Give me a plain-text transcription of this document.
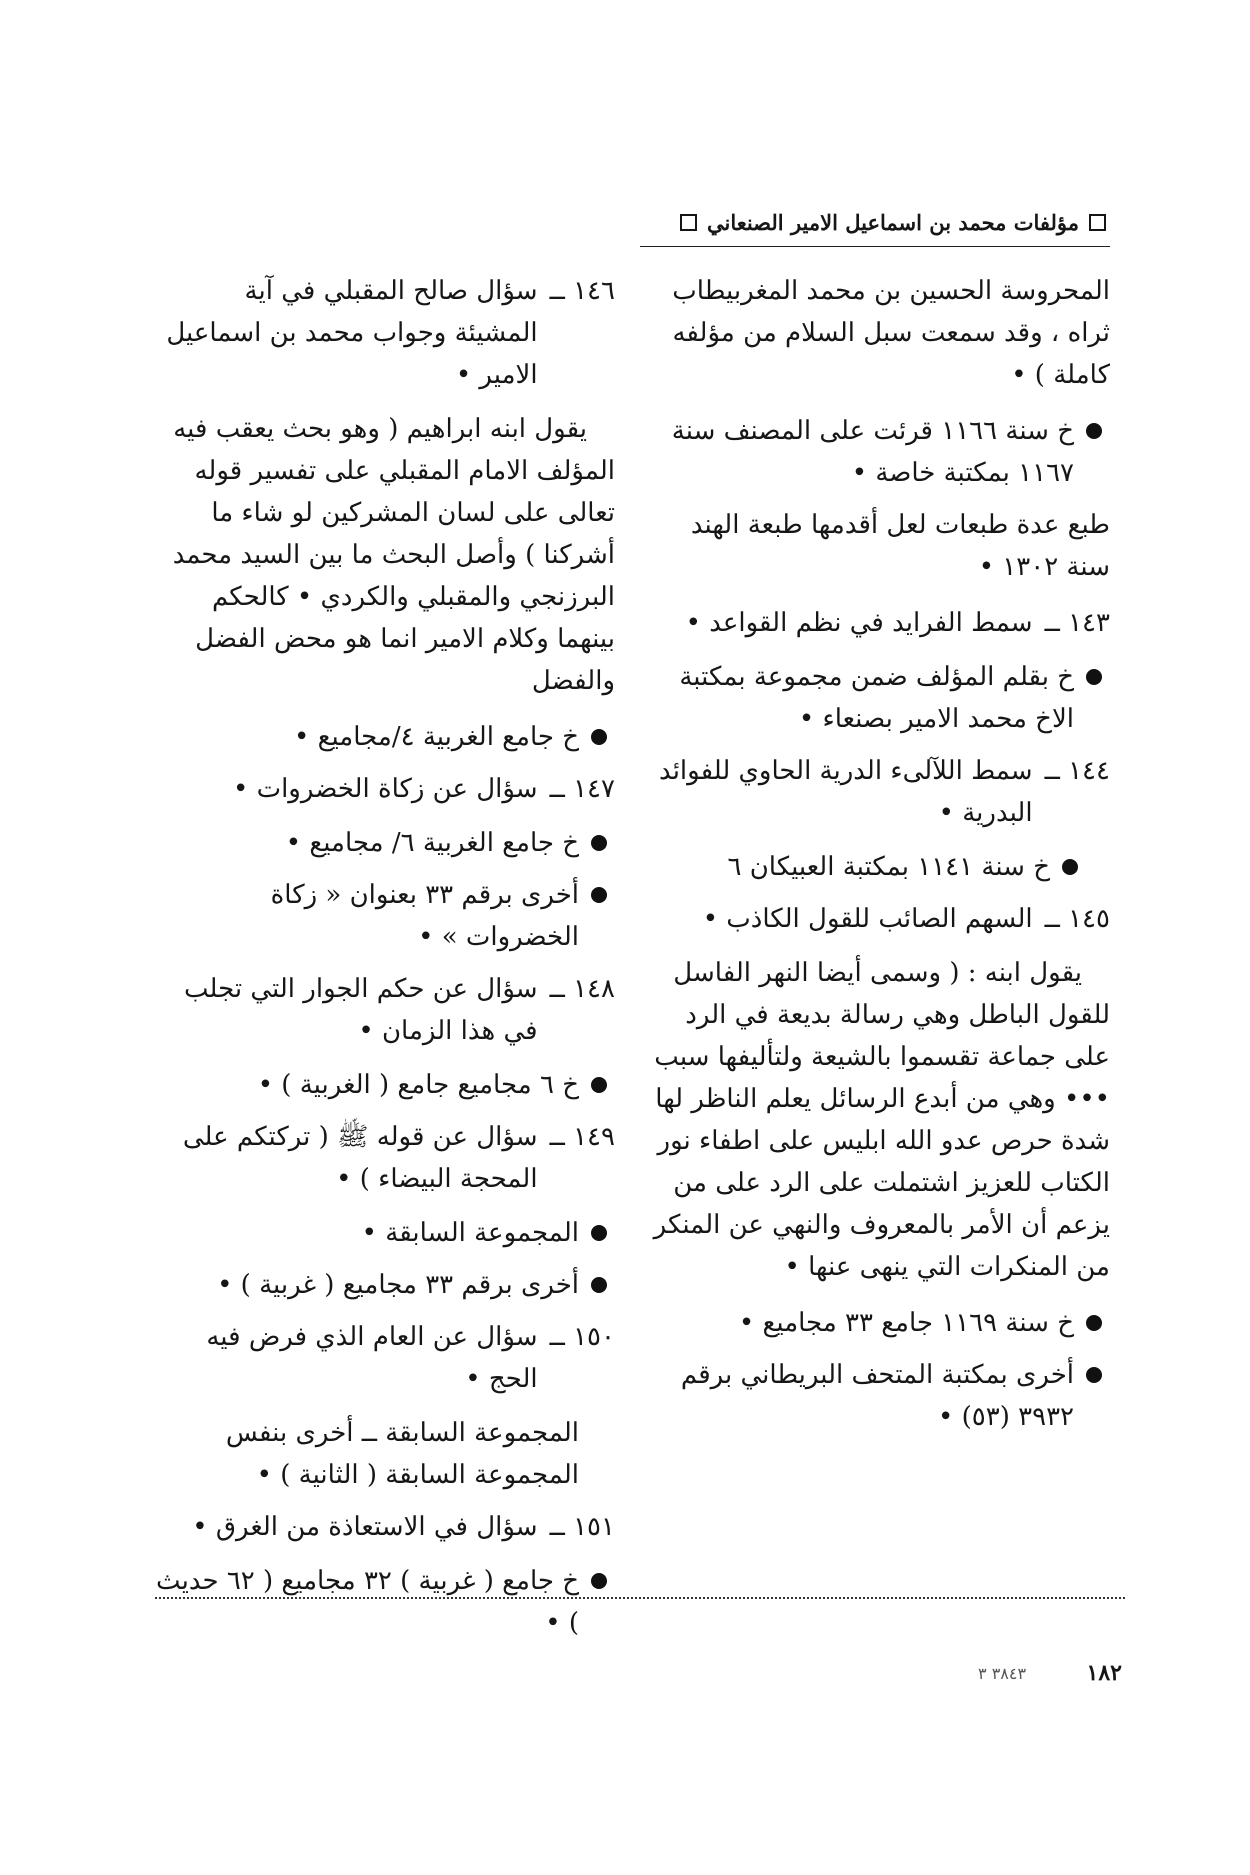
مؤلفات محمد بن اسماعيل الامير الصنعاني

المحروسة الحسين بن محمد المغربيطاب ثراه ، وقد سمعت سبل السلام من مؤلفه كاملة ) •

خ سنة ١١٦٦ قرئت على المصنف سنة ١١٦٧ بمكتبة خاصة •

طبع عدة طبعات لعل أقدمها طبعة الهند سنة ١٣٠٢ •

١٤٣ ــ
سمط الفرايد في نظم القواعد •
خ بقلم المؤلف ضمن مجموعة بمكتبة الاخ محمد الامير بصنعاء •
١٤٤ ــ
سمط اللآلىء الدرية الحاوي للفوائد البدرية •
خ سنة ١١٤١ بمكتبة العبيكان ٦
١٤٥ ــ
السهم الصائب للقول الكاذب •

يقول ابنه : ( وسمى أيضا النهر الفاسل للقول الباطل وهي رسالة بديعة في الرد على جماعة تقسموا بالشيعة ولتأليفها سبب ••• وهي من أبدع الرسائل يعلم الناظر لها شدة حرص عدو الله ابليس على اطفاء نور الكتاب للعزيز اشتملت على الرد على من يزعم أن الأمر بالمعروف والنهي عن المنكر من المنكرات التي ينهى عنها •

خ سنة ١١٦٩ جامع ٣٣ مجاميع •
أخرى بمكتبة المتحف البريطاني برقم ٣٩٣٢ (٥٣) •
١٤٦ ــ
سؤال صالح المقبلي في آية المشيئة وجواب محمد بن اسماعيل الامير •

يقول ابنه ابراهيم ( وهو بحث يعقب فيه المؤلف الامام المقبلي على تفسير قوله تعالى على لسان المشركين لو شاء ما أشركنا ) وأصل البحث ما بين السيد محمد البرزنجي والمقبلي والكردي • كالحكم بينهما وكلام الامير انما هو محض الفضل والفضل

خ جامع الغربية ٤/مجاميع •
١٤٧ ــ
سؤال عن زكاة الخضروات •
خ جامع الغربية ٦/ مجاميع •
أخرى برقم ٣٣ بعنوان « زكاة الخضروات » •
١٤٨ ــ
سؤال عن حكم الجوار التي تجلب في هذا الزمان •
خ ٦ مجاميع جامع ( الغربية ) •
١٤٩ ــ
سؤال عن قوله ﷺ ( تركتكم على المحجة البيضاء ) •
المجموعة السابقة •
أخرى برقم ٣٣ مجاميع ( غربية ) •
١٥٠ ــ
سؤال عن العام الذي فرض فيه الحج •

المجموعة السابقة ــ أخرى بنفس المجموعة السابقة ( الثانية ) •

١٥١ ــ
سؤال في الاستعاذة من الغرق •
خ جامع ( غربية ) ٣٢ مجاميع ( ٦٢ حديث ) •
١٨٢
٣٨٤٣ ٣
